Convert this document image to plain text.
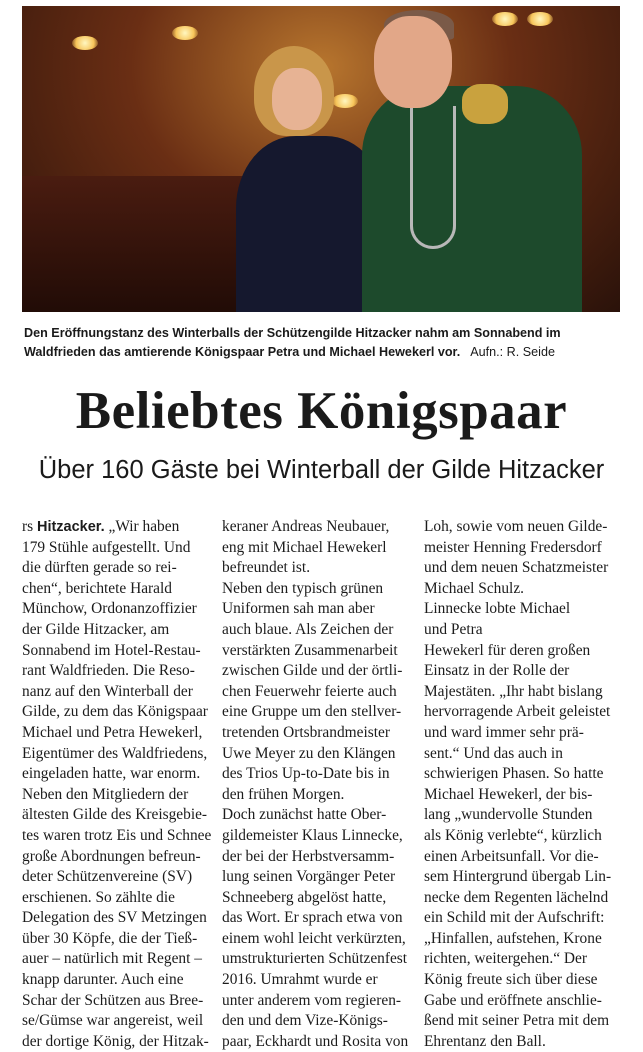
Den Eröffnungstanz des Winterballs der Schützengilde Hitzacker nahm am Sonnabend im
Waldfrieden das amtierende Königspaar Petra und Michael Hewekerl vor. Aufn.: R. Seide
Beliebtes Königspaar
Über 160 Gäste bei Winterball der Gilde Hitzacker
rs Hitzacker. „Wir haben
179 Stühle aufgestellt. Und
die dürften gerade so rei-
chen“, berichtete Harald
Münchow, Ordonanzoffizier
der Gilde Hitzacker, am
Sonnabend im Hotel-Restau-
rant Waldfrieden. Die Reso-
nanz auf den Winterball der
Gilde, zu dem das Königspaar
Michael und Petra Hewekerl,
Eigentümer des Waldfriedens,
eingeladen hatte, war enorm.
Neben den Mitgliedern der
ältesten Gilde des Kreisgebie-
tes waren trotz Eis und Schnee
große Abordnungen befreun-
deter Schützenvereine (SV)
erschienen. So zählte die
Delegation des SV Metzingen
über 30 Köpfe, die der Tieß-
auer – natürlich mit Regent –
knapp darunter. Auch eine
Schar der Schützen aus Bree-
se/Gümse war angereist, weil
der dortige König, der Hitzak-
keraner Andreas Neubauer,
eng mit Michael Hewekerl
befreundet ist.
Neben den typisch grünen
Uniformen sah man aber
auch blaue. Als Zeichen der
verstärkten Zusammenarbeit
zwischen Gilde und der örtli-
chen Feuerwehr feierte auch
eine Gruppe um den stellver-
tretenden Ortsbrandmeister
Uwe Meyer zu den Klängen
des Trios Up-to-Date bis in
den frühen Morgen.
Doch zunächst hatte Ober-
gildemeister Klaus Linnecke,
der bei der Herbstversamm-
lung seinen Vorgänger Peter
Schneeberg abgelöst hatte,
das Wort. Er sprach etwa von
einem wohl leicht verkürzten,
umstrukturierten Schützenfest
2016. Umrahmt wurde er
unter anderem vom regieren-
den und dem Vize-Königs-
paar, Eckhardt und Rosita von
Loh, sowie vom neuen Gilde-
meister Henning Fredersdorf
und dem neuen Schatzmeister
Michael Schulz.
Linnecke lobte Michael
und Petra
Hewekerl für deren großen
Einsatz in der Rolle der
Majestäten. „Ihr habt bislang
hervorragende Arbeit geleistet
und ward immer sehr prä-
sent.“ Und das auch in
schwierigen Phasen. So hatte
Michael Hewekerl, der bis-
lang „wundervolle Stunden
als König verlebte“, kürzlich
einen Arbeitsunfall. Vor die-
sem Hintergrund übergab Lin-
necke dem Regenten lächelnd
ein Schild mit der Aufschrift:
„Hinfallen, aufstehen, Krone
richten, weitergehen.“ Der
König freute sich über diese
Gabe und eröffnete anschlie-
ßend mit seiner Petra mit dem
Ehrentanz den Ball.
